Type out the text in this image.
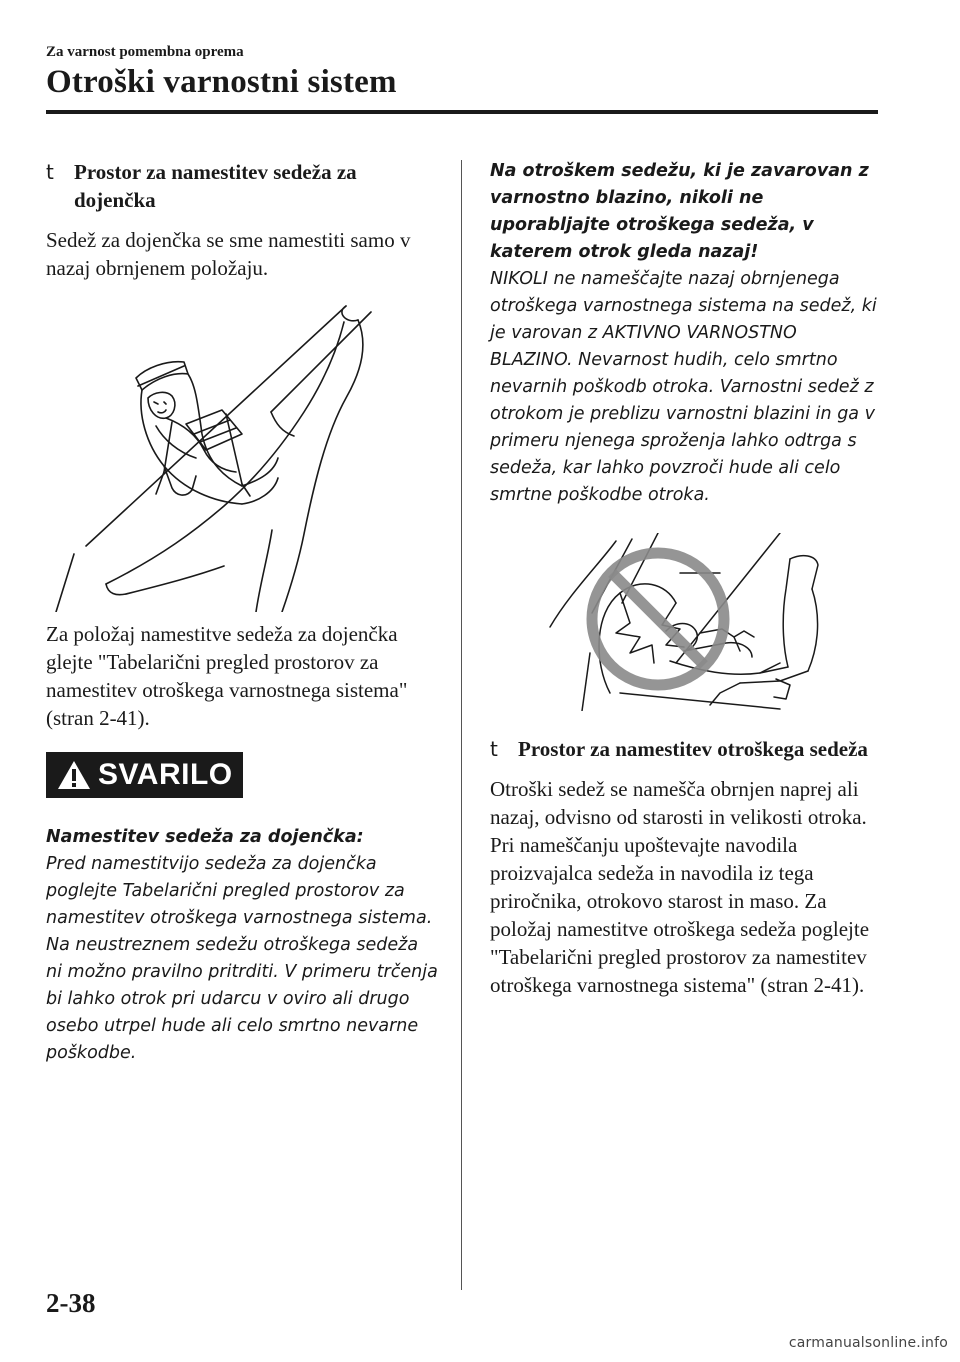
Za varnost pomembna oprema
Otroški varnostni sistem
t Prostor za namestitev sedeža za dojenčka
Sedež za dojenčka se sme namestiti samo v nazaj obrnjenem položaju.
Za položaj namestitve sedeža za dojenčka glejte "Tabelarični pregled prostorov za namestitev otroškega varnostnega sistema" (stran 2-41).
SVARILO
Namestitev sedeža za dojenčka:
Pred namestitvijo sedeža za dojenčka poglejte Tabelarični pregled prostorov za namestitev otroškega varnostnega sistema. Na neustreznem sedežu otroškega sedeža ni možno pravilno pritrditi. V primeru trčenja bi lahko otrok pri udarcu v oviro ali drugo osebo utrpel hude ali celo smrtno nevarne poškodbe.
Na otroškem sedežu, ki je zavarovan z varnostno blazino, nikoli ne uporabljajte otroškega sedeža, v katerem otrok gleda nazaj!
NIKOLI ne nameščajte nazaj obrnjenega otroškega varnostnega sistema na sedež, ki je varovan z AKTIVNO VARNOSTNO BLAZINO. Nevarnost hudih, celo smrtno nevarnih poškodb otroka. Varnostni sedež z otrokom je preblizu varnostni blazini in ga v primeru njenega sproženja lahko odtrga s sedeža, kar lahko povzroči hude ali celo smrtne poškodbe otroka.
t Prostor za namestitev otroškega sedeža
Otroški sedež se namešča obrnjen naprej ali nazaj, odvisno od starosti in velikosti otroka. Pri nameščanju upoštevajte navodila proizvajalca sedeža in navodila iz tega priročnika, otrokovo starost in maso. Za položaj namestitve otroškega sedeža poglejte "Tabelarični pregled prostorov za namestitev otroškega varnostnega sistema" (stran 2-41).
2-38
carmanualsonline.info
